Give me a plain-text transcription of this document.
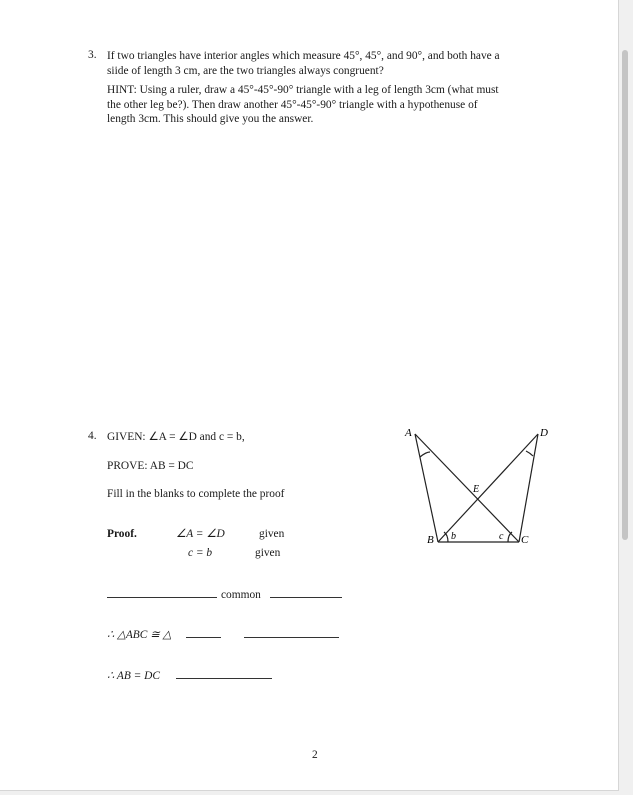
3. If two triangles have interior angles which measure 45°, 45°, and 90°, and both have a
siide of length 3 cm, are the two triangles always congruent?
HINT: Using a ruler, draw a 45°-45°-90° triangle with a leg of length 3cm (what must
the other leg be?). Then draw another 45°-45°-90° triangle with a hypothenuse of
length 3cm. This should give you the answer.
4. GIVEN: ∠A = ∠D and c = b,
PROVE: AB = DC
Fill in the blanks to complete the proof
Proof.	∠A = ∠D	given
c = b	given
common
∴ △ABC ≅ △
∴ AB = DC
A	D
E
B	C
b	c
2
